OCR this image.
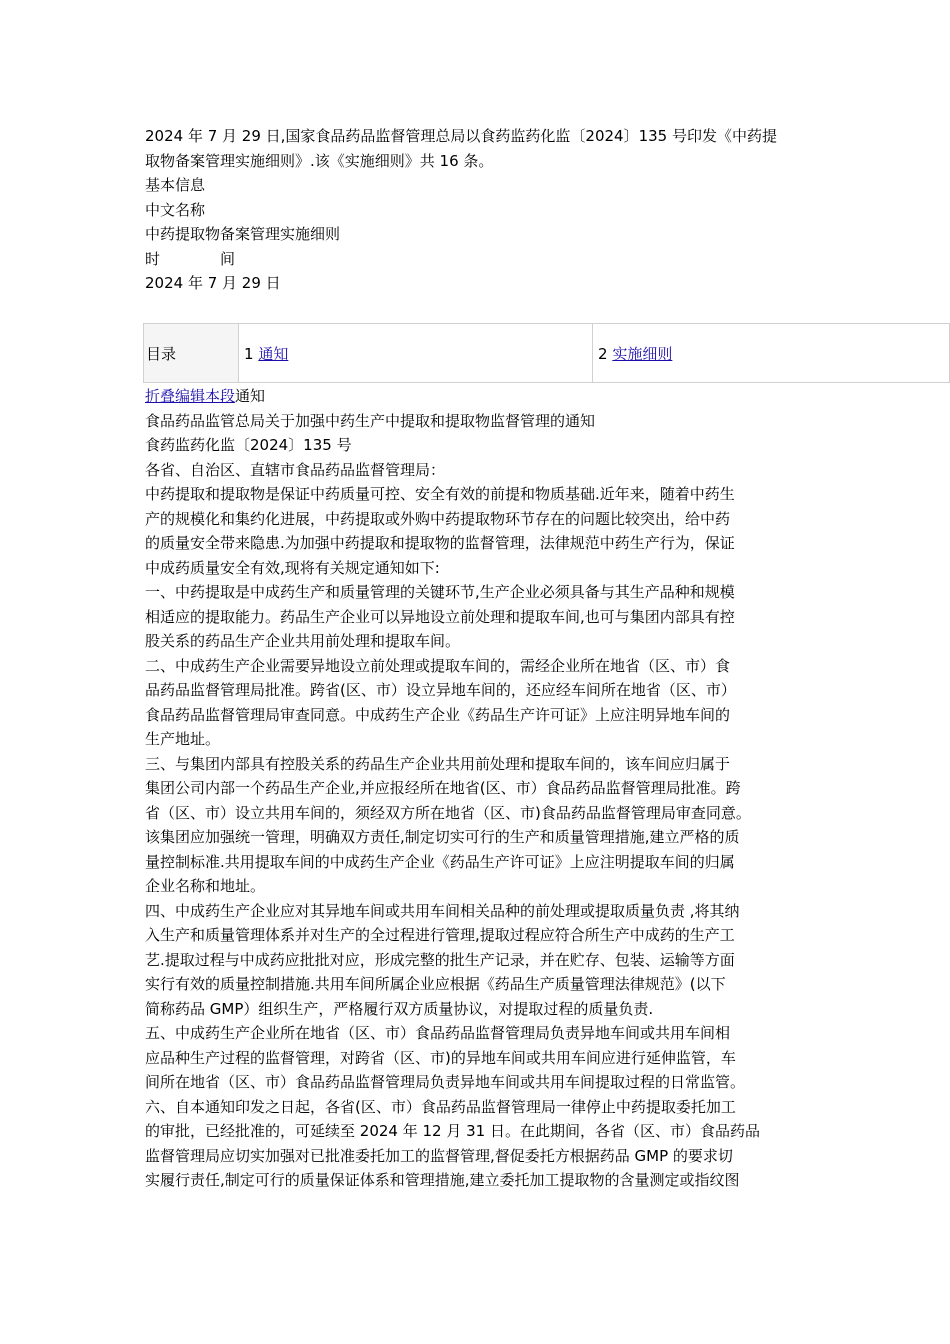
2024 年 7 月 29 日,国家食品药品监督管理总局以食药监药化监〔2024〕135 号印发《中药提
取物备案管理实施细则》.该《实施细则》共 16 条。
基本信息
中文名称
中药提取物备案管理实施细则
时　　　　间
2024 年 7 月 29 日
目录	1 通知	2 实施细则
折叠编辑本段通知
食品药品监管总局关于加强中药生产中提取和提取物监督管理的通知
食药监药化监〔2024〕135 号
各省、自治区、直辖市食品药品监督管理局：
中药提取和提取物是保证中药质量可控、安全有效的前提和物质基础.近年来，随着中药生
产的规模化和集约化进展，中药提取或外购中药提取物环节存在的问题比较突出，给中药
的质量安全带来隐患.为加强中药提取和提取物的监督管理，法律规范中药生产行为，保证
中成药质量安全有效,现将有关规定通知如下:
一、中药提取是中成药生产和质量管理的关键环节,生产企业必须具备与其生产品种和规模
相适应的提取能力。药品生产企业可以异地设立前处理和提取车间,也可与集团内部具有控
股关系的药品生产企业共用前处理和提取车间。
二、中成药生产企业需要异地设立前处理或提取车间的，需经企业所在地省（区、市）食
品药品监督管理局批准。跨省(区、市）设立异地车间的，还应经车间所在地省（区、市）
食品药品监督管理局审查同意。中成药生产企业《药品生产许可证》上应注明异地车间的
生产地址。
三、与集团内部具有控股关系的药品生产企业共用前处理和提取车间的，该车间应归属于
集团公司内部一个药品生产企业,并应报经所在地省(区、市）食品药品监督管理局批准。跨
省（区、市）设立共用车间的，须经双方所在地省（区、市)食品药品监督管理局审查同意。
该集团应加强统一管理，明确双方责任,制定切实可行的生产和质量管理措施,建立严格的质
量控制标准.共用提取车间的中成药生产企业《药品生产许可证》上应注明提取车间的归属
企业名称和地址。
四、中成药生产企业应对其异地车间或共用车间相关品种的前处理或提取质量负责 ,将其纳
入生产和质量管理体系并对生产的全过程进行管理,提取过程应符合所生产中成药的生产工
艺.提取过程与中成药应批批对应，形成完整的批生产记录，并在贮存、包装、运输等方面
实行有效的质量控制措施.共用车间所属企业应根据《药品生产质量管理法律规范》(以下
简称药品 GMP）组织生产，严格履行双方质量协议，对提取过程的质量负责.
五、中成药生产企业所在地省（区、市）食品药品监督管理局负责异地车间或共用车间相
应品种生产过程的监督管理，对跨省（区、市)的异地车间或共用车间应进行延伸监管，车
间所在地省（区、市）食品药品监督管理局负责异地车间或共用车间提取过程的日常监管。
六、自本通知印发之日起，各省(区、市）食品药品监督管理局一律停止中药提取委托加工
的审批，已经批准的，可延续至 2024 年 12 月 31 日。在此期间，各省（区、市）食品药品
监督管理局应切实加强对已批准委托加工的监督管理,督促委托方根据药品 GMP 的要求切
实履行责任,制定可行的质量保证体系和管理措施,建立委托加工提取物的含量测定或指纹图
